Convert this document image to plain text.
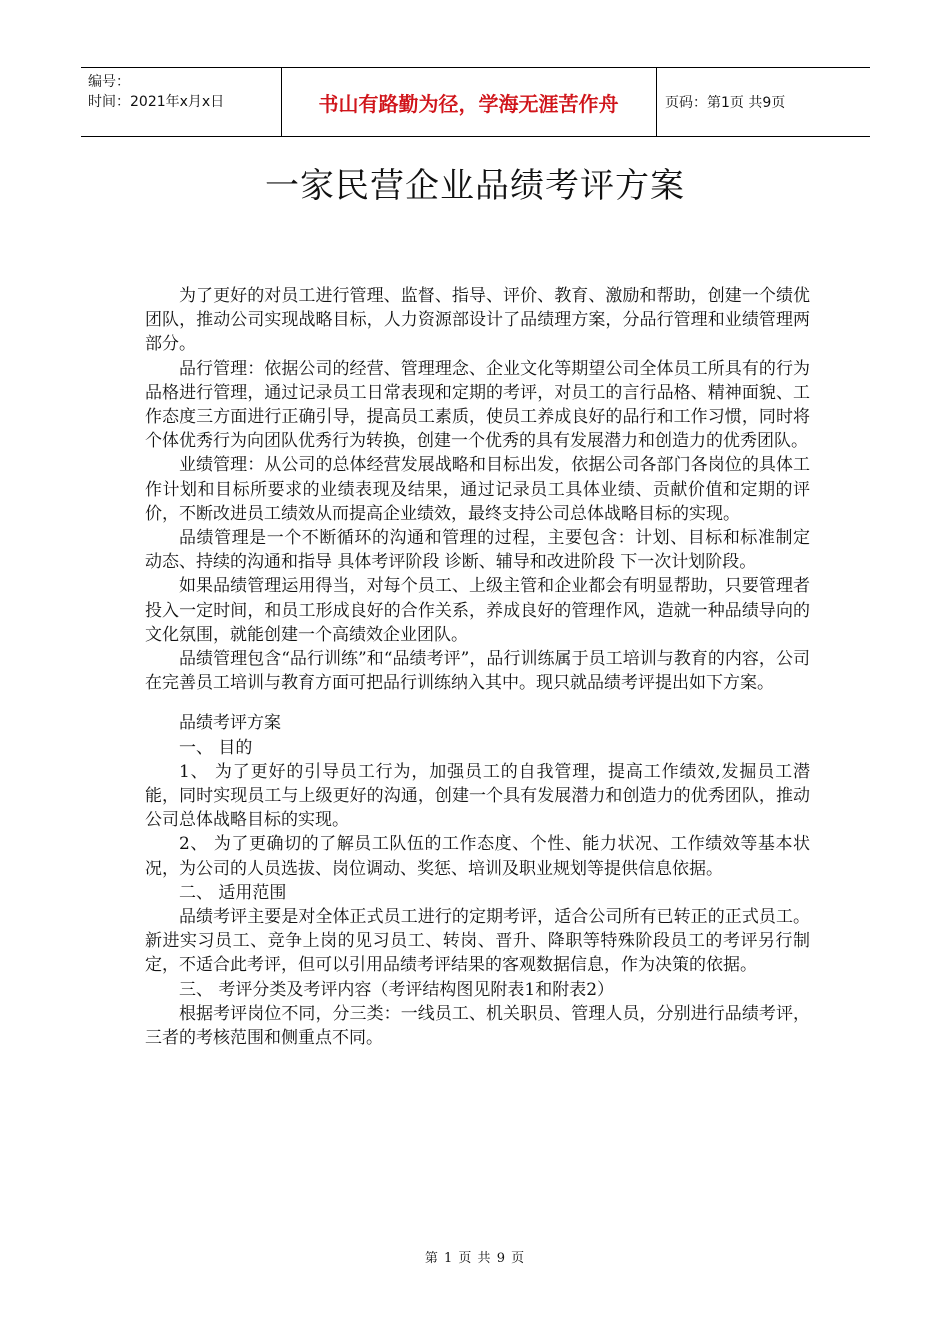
编号：
时间：2021年x月x日	书山有路勤为径，学海无涯苦作舟	页码：第1页 共9页
一家民营企业品绩考评方案

为了更好的对员工进行管理、监督、指导、评价、教育、激励和帮助，创建一个绩优团队，推动公司实现战略目标，人力资源部设计了品绩理方案，分品行管理和业绩管理两部分。

品行管理：依据公司的经营、管理理念、企业文化等期望公司全体员工所具有的行为品格进行管理，通过记录员工日常表现和定期的考评，对员工的言行品格、精神面貌、工作态度三方面进行正确引导，提高员工素质，使员工养成良好的品行和工作习惯，同时将个体优秀行为向团队优秀行为转换，创建一个优秀的具有发展潜力和创造力的优秀团队。

业绩管理：从公司的总体经营发展战略和目标出发，依据公司各部门各岗位的具体工作计划和目标所要求的业绩表现及结果，通过记录员工具体业绩、贡献价值和定期的评价，不断改进员工绩效从而提高企业绩效，最终支持公司总体战略目标的实现。

品绩管理是一个不断循环的沟通和管理的过程，主要包含：计划、目标和标准制定 动态、持续的沟通和指导 具体考评阶段 诊断、辅导和改进阶段 下一次计划阶段。

如果品绩管理运用得当，对每个员工、上级主管和企业都会有明显帮助，只要管理者投入一定时间，和员工形成良好的合作关系，养成良好的管理作风，造就一种品绩导向的文化氛围，就能创建一个高绩效企业团队。

品绩管理包含“品行训练”和“品绩考评”，品行训练属于员工培训与教育的内容，公司在完善员工培训与教育方面可把品行训练纳入其中。现只就品绩考评提出如下方案。

品绩考评方案

一、 目的

1、 为了更好的引导员工行为，加强员工的自我管理，提高工作绩效,发掘员工潜能，同时实现员工与上级更好的沟通，创建一个具有发展潜力和创造力的优秀团队，推动公司总体战略目标的实现。

2、 为了更确切的了解员工队伍的工作态度、个性、能力状况、工作绩效等基本状况，为公司的人员选拔、岗位调动、奖惩、培训及职业规划等提供信息依据。

二、 适用范围

品绩考评主要是对全体正式员工进行的定期考评，适合公司所有已转正的正式员工。新进实习员工、竞争上岗的见习员工、转岗、晋升、降职等特殊阶段员工的考评另行制定，不适合此考评，但可以引用品绩考评结果的客观数据信息，作为决策的依据。

三、 考评分类及考评内容（考评结构图见附表1和附表2）

根据考评岗位不同，分三类：一线员工、机关职员、管理人员，分别进行品绩考评，三者的考核范围和侧重点不同。

第 1 页 共 9 页
